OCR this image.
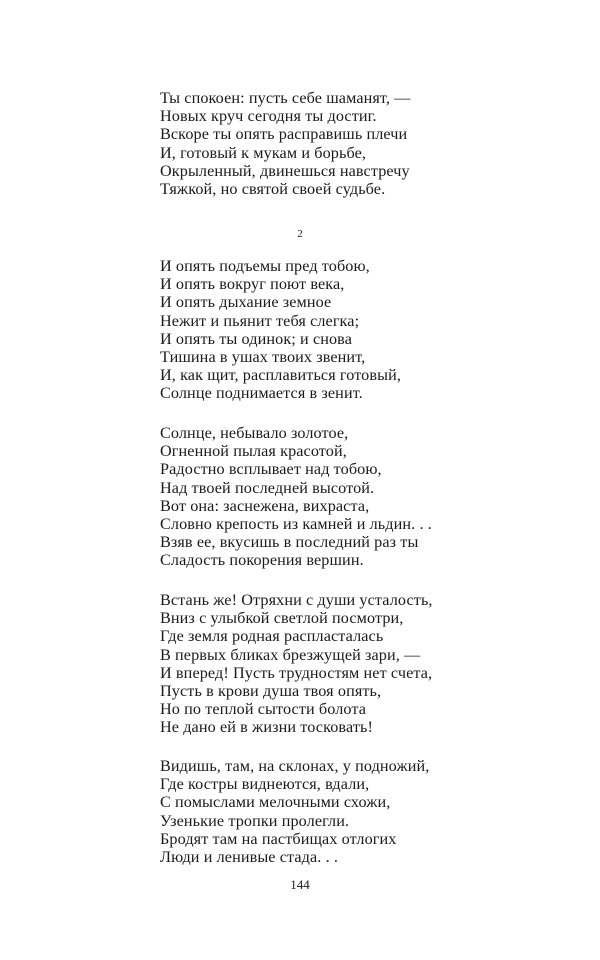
Ты спокоен: пусть себе шаманят, —
Новых круч сегодня ты достиг.
Вскоре ты опять расправишь плечи
И, готовый к мукам и борьбе,
Окрыленный, двинешься навстречу
Тяжкой, но святой своей судьбе.
2
И опять подъемы пред тобою,
И опять вокруг поют века,
И опять дыхание земное
Нежит и пьянит тебя слегка;
И опять ты одинок; и снова
Тишина в ушах твоих звенит,
И, как щит, расплавиться готовый,
Солнце поднимается в зенит.
Солнце, небывало золотое,
Огненной пылая красотой,
Радостно всплывает над тобою,
Над твоей последней высотой.
Вот она: заснежена, вихраста,
Словно крепость из камней и льдин. . .
Взяв ее, вкусишь в последний раз ты
Сладость покорения вершин.
Встань же! Отряхни с души усталость,
Вниз с улыбкой светлой посмотри,
Где земля родная распласталась
В первых бликах брезжущей зари, —
И вперед! Пусть трудностям нет счета,
Пусть в крови душа твоя опять,
Но по теплой сытости болота
Не дано ей в жизни тосковать!
Видишь, там, на склонах, у подножий,
Где костры виднеются, вдали,
С помыслами мелочными схожи,
Узенькие тропки пролегли.
Бродят там на пастбищах отлогих
Люди и ленивые стада. . .
144
